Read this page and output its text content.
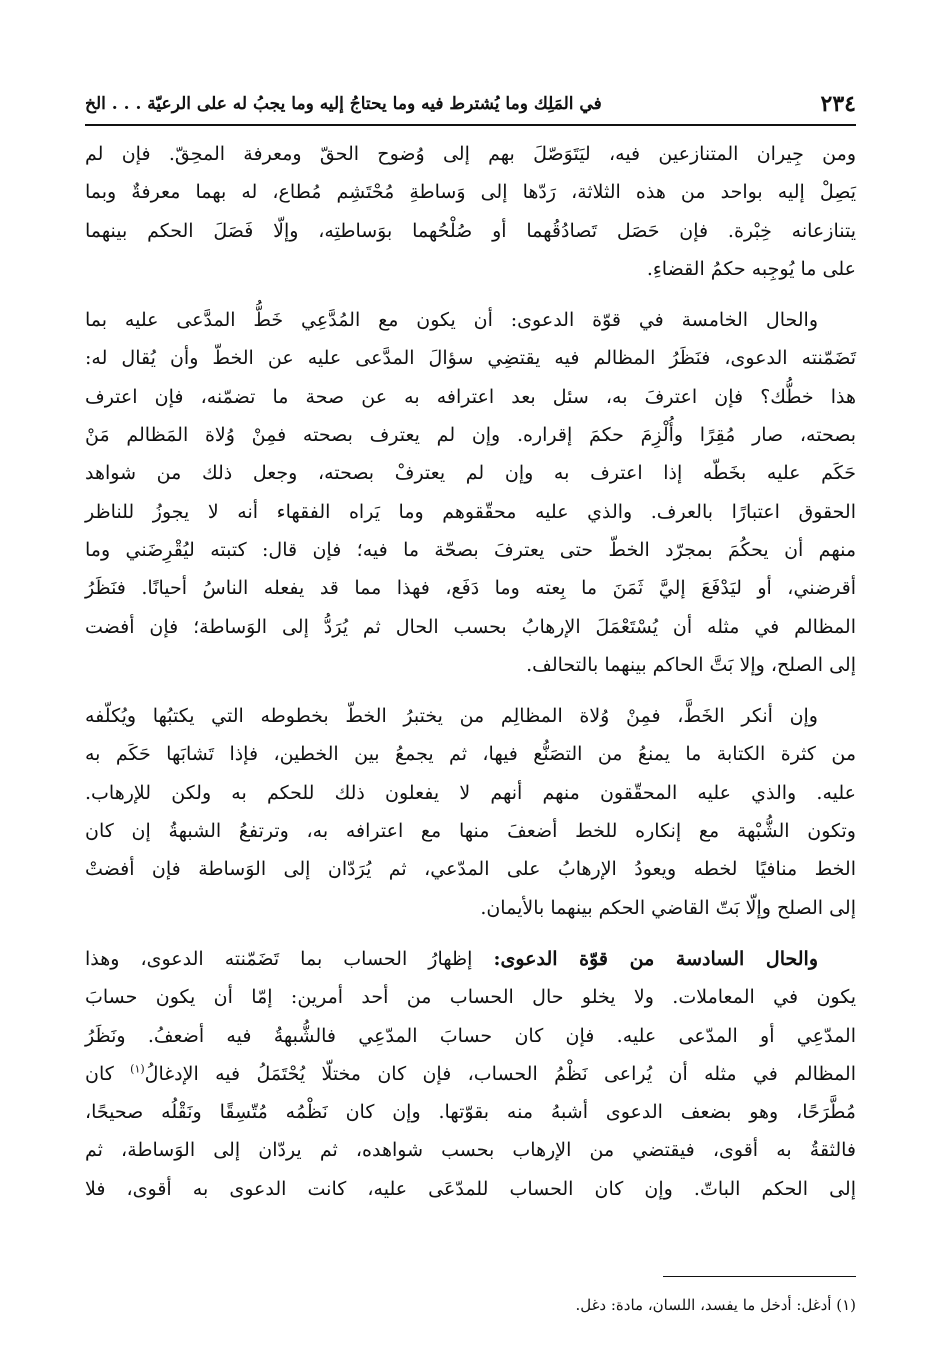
٢٣٤
في المَلِك وما يُشترط فيه وما يحتاجُ إليه وما يجبُ له على الرعيّة . . . الخ

ومن جِيران المتنازعين فيه، ليَتَوَصّلَ بهم إلى وُضوح الحقّ ومعرفة المحِقّ. فإن لم
يَصِلْ إليه بواحد من هذه الثلاثة، رَدّها إلى وَساطةِ مُحْتَشِم مُطاع، له بهما معرفةٌ وبما
يتنازعانه خِبْرة. فإن حَصَل تَصادُقُهما أو صُلْحُهما بوَساطتِه، وإلّا فَصَلَ الحكم بينهما
على ما يُوجِبه حكمُ القضاءِ.

والحال الخامسة في قوّة الدعوى: أن يكون مع المُدَّعِي خَطُّ المدَّعى عليه بما
تَضَمّنته الدعوى، فنَظَرُ المظالم فيه يقتضِي سؤالَ المدَّعى عليه عن الخطّ وأن يُقال له:
هذا خطُّك؟ فإن اعترفَ به، سئل بعد اعترافه به عن صحة ما تضمّنه، فإن اعترف
بصحته، صار مُقِرًا وأُلْزِمَ حكمَ إقراره. وإن لم يعترف بصحته فمِنْ وُلاة المَظالم مَنْ
حَكَم عليه بخَطّه إذا اعترف به وإن لم يعترفْ بصحته، وجعل ذلك من شواهد
الحقوق اعتبارًا بالعرف. والذي عليه محقّقوهم وما يَراه الفقهاء أنه لا يجوزُ للناظر
منهم أن يحكُمَ بمجرّد الخطّ حتى يعترفَ بصحّة ما فيه؛ فإن قال: كتبته ليُقْرِضَني وما
أقرضني، أو ليَدْفَعَ إليَّ ثَمَنَ ما بِعته وما دَفَع، فهذا مما قد يفعله الناسُ أحيانًا. فنَظَرُ
المظالم في مثله أن يُسْتَعْمَلَ الإرهابُ بحسب الحال ثم يُرَدُّ إلى الوَساطة؛ فإن أفضت
إلى الصلح، وإلا بَتَّ الحاكم بينهما بالتحالف.

وإن أنكر الخَطَّ، فمِنْ وُلاة المظالِم من يختبرُ الخطّ بخطوطه التي يكتبُها ويُكلّفه
من كثرة الكتابة ما يمنعُ من التصَنُّع فيها، ثم يجمعُ بين الخطين، فإذا تَشابَها حَكَم به
عليه. والذي عليه المحقّقون منهم أنهم لا يفعلون ذلك للحكم به ولكن للإرهاب.
وتكون الشُّبْهة مع إنكاره للخط أضعفَ منها مع اعترافه به، وترتفعُ الشبهةُ إن كان
الخط منافيًا لخطه ويعودُ الإرهابُ على المدّعي، ثم يُرَدّان إلى الوَساطة فإن أفضتْ
إلى الصلح وإلّا بَتّ القاضي الحكم بينهما بالأيمان.

والحال السادسة من قوّة الدعوى: إظهارُ الحساب بما تَضَمّنته الدعوى، وهذا
يكون في المعاملات. ولا يخلو حال الحساب من أحد أمرين: إمّا أن يكون حسابَ
المدّعِي أو المدّعى عليه. فإن كان حسابَ المدّعِي فالشُّبهةُ فيه أضعفُ. ونَظَرُ
المظالم في مثله أن يُراعى نَظْمُ الحساب، فإن كان مختلّا يُحْتَمَلُ فيه الإدغالُ$^{(١)}$ كان
مُطَّرَحًا، وهو بضعف الدعوى أشبهُ منه بقوّتها. وإن كان نَظْمُه مُتّسِقًا ونَقْلُه صحيحًا،
فالثقةُ به أقوى، فيقتضي من الإرهاب بحسب شواهده، ثم يردّان إلى الوَساطة، ثم
إلى الحكم الباتّ. وإن كان الحساب للمدّعَى عليه، كانت الدعوى به أقوى، فلا

(١) أدغل: أدخل ما يفسد، اللسان، مادة: دغل.
